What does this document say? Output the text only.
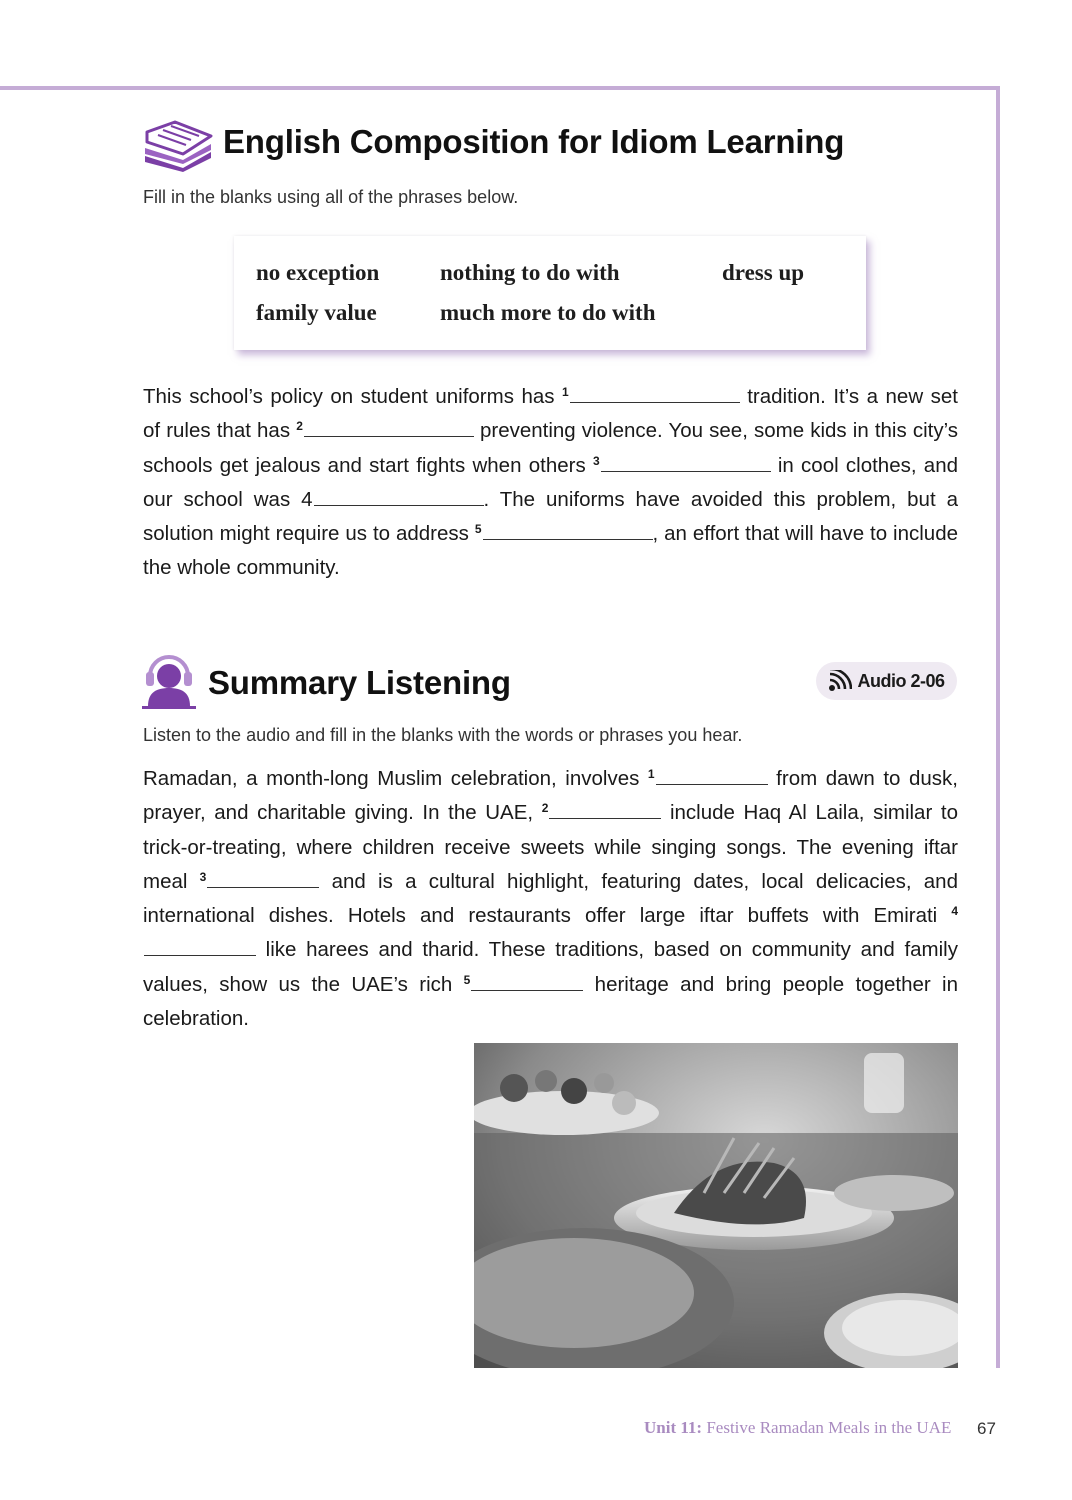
English Composition for Idiom Learning
Fill in the blanks using all of the phrases below.
no exception	nothing to do with	dress up
family value	much more to do with
This school’s policy on student uniforms has $^1$	tradition. It’s a new set of rules that has $^2$	preventing violence. You see, some kids in this city’s schools get jealous and start fights when others $^3$	in cool clothes, and our school was 4	. The uniforms have avoided this problem, but a solution might require us to address $^5$	, an effort that will have to include the whole community.
Summary Listening	Audio 2-06
Listen to the audio and fill in the blanks with the words or phrases you hear.
Ramadan, a month-long Muslim celebration, involves $^1$	from dawn to dusk, prayer, and charitable giving. In the UAE, $^2$	include Haq Al Laila, similar to trick-or-treating, where children receive sweets while singing songs. The evening iftar meal $^3$	and is a cultural highlight, featuring dates, local delicacies, and international dishes. Hotels and restaurants offer large iftar buffets with Emirati $^4$ like harees and tharid. These traditions, based on community and family values, show us the UAE’s rich $^5$	heritage and bring people together in celebration.
Unit 11: Festive Ramadan Meals in the UAE 67
